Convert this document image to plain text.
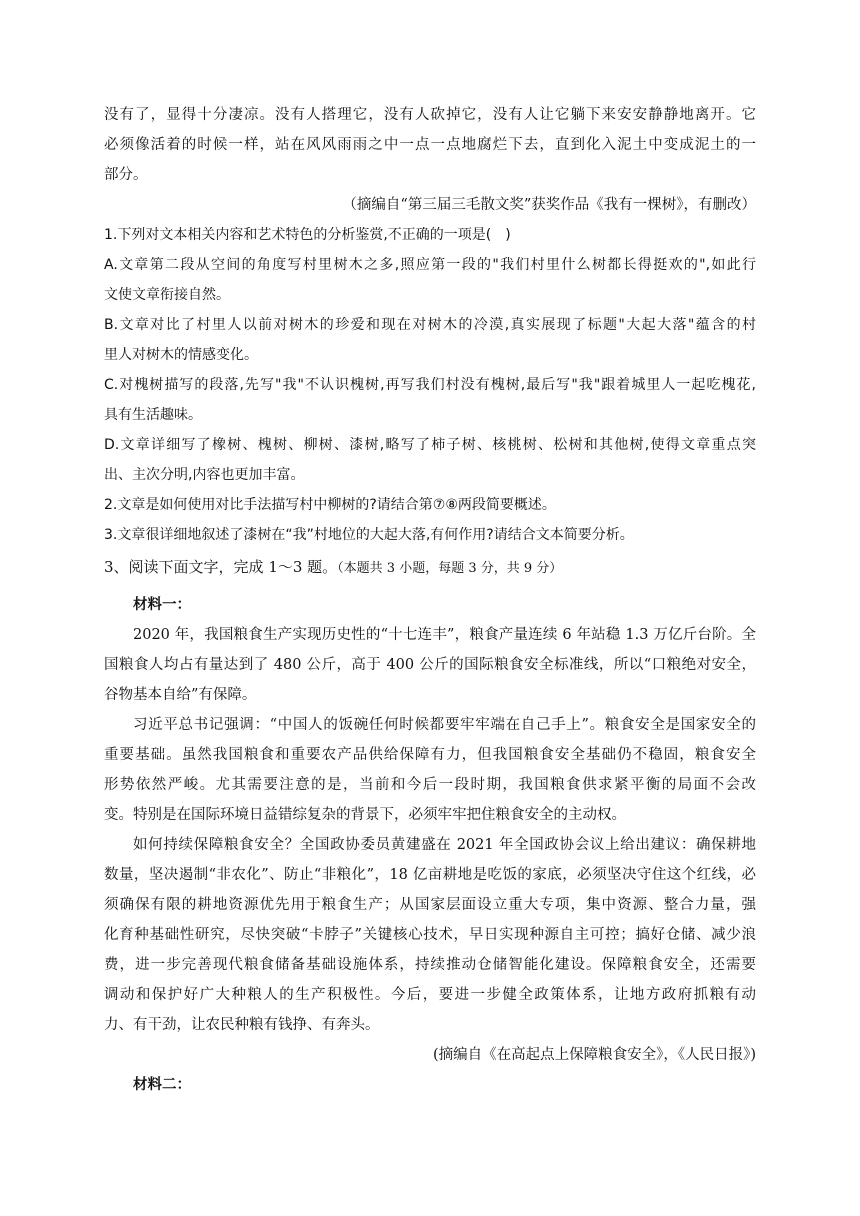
没有了，显得十分凄凉。没有人搭理它，没有人砍掉它，没有人让它躺下来安安静静地离开。它

必须像活着的时候一样，站在风风雨雨之中一点一点地腐烂下去，直到化入泥土中变成泥土的一

部分。

（摘编自“第三届三毛散文奖”获奖作品《我有一棵树》，有删改）

1.下列对文本相关内容和艺术特色的分析鉴赏,不正确的一项是(　)

A.文章第二段从空间的角度写村里树木之多,照应第一段的"我们村里什么树都长得挺欢的",如此行

文使文章衔接自然。

B.文章对比了村里人以前对树木的珍爱和现在对树木的冷漠,真实展现了标题"大起大落"蕴含的村

里人对树木的情感变化。

C.对槐树描写的段落,先写"我"不认识槐树,再写我们村没有槐树,最后写"我"跟着城里人一起吃槐花,

具有生活趣味。

D.文章详细写了橡树、槐树、柳树、漆树,略写了柿子树、核桃树、松树和其他树,使得文章重点突

出、主次分明,内容也更加丰富。

2.文章是如何使用对比手法描写村中柳树的?请结合第⑦⑧两段简要概述。

3.文章很详细地叙述了漆树在“我”村地位的大起大落,有何作用?请结合文本简要分析。

3、阅读下面文字，完成 1～3 题。（本题共 3 小题，每题 3 分，共 9 分）

材料一：

2020 年，我国粮食生产实现历史性的“十七连丰”，粮食产量连续 6 年站稳 1.3 万亿斤台阶。全

国粮食人均占有量达到了 480 公斤，高于 400 公斤的国际粮食安全标准线，所以“口粮绝对安全，

谷物基本自给”有保障。

习近平总书记强调：“中国人的饭碗任何时候都要牢牢端在自己手上”。粮食安全是国家安全的

重要基础。虽然我国粮食和重要农产品供给保障有力，但我国粮食安全基础仍不稳固，粮食安全

形势依然严峻。尤其需要注意的是，当前和今后一段时期，我国粮食供求紧平衡的局面不会改

变。特别是在国际环境日益错综复杂的背景下，必须牢牢把住粮食安全的主动权。

如何持续保障粮食安全？全国政协委员黄建盛在 2021 年全国政协会议上给出建议：确保耕地

数量，坚决遏制“非农化”、防止“非粮化”，18 亿亩耕地是吃饭的家底，必须坚决守住这个红线，必

须确保有限的耕地资源优先用于粮食生产；从国家层面设立重大专项，集中资源、整合力量，强

化育种基础性研究，尽快突破“卡脖子”关键核心技术，早日实现种源自主可控；搞好仓储、减少浪

费，进一步完善现代粮食储备基础设施体系，持续推动仓储智能化建设。保障粮食安全，还需要

调动和保护好广大种粮人的生产积极性。今后，要进一步健全政策体系，让地方政府抓粮有动

力、有干劲，让农民种粮有钱挣、有奔头。

(摘编自《在高起点上保障粮食安全》，《人民日报》)

材料二：
